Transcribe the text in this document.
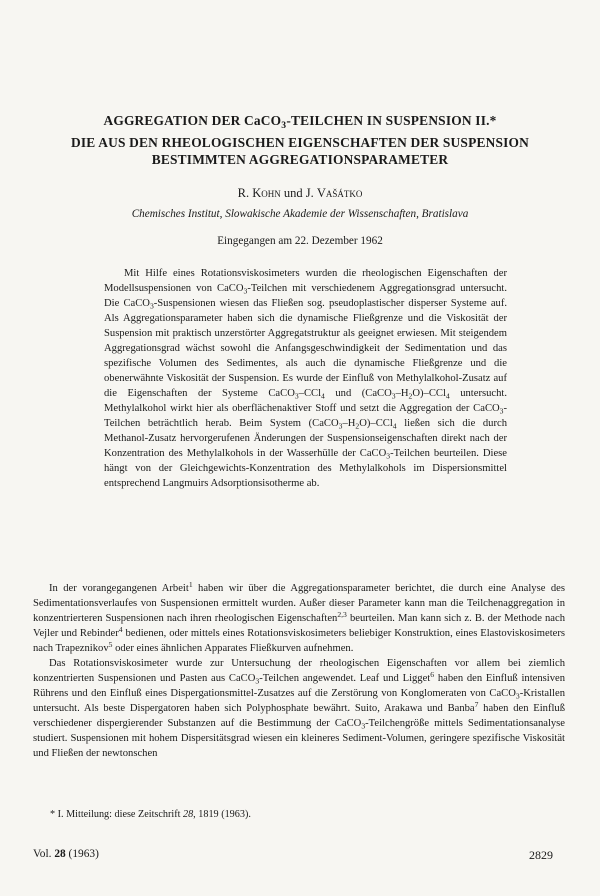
AGGREGATION DER CaCO$_3$-TEILCHEN IN SUSPENSION II.*
DIE AUS DEN RHEOLOGISCHEN EIGENSCHAFTEN DER SUSPENSION
BESTIMMTEN AGGREGATIONSPARAMETER
R. Kohn und J. Vašátko
Chemisches Institut, Slowakische Akademie der Wissenschaften, Bratislava
Eingegangen am 22. Dezember 1962

Mit Hilfe eines Rotationsviskosimeters wurden die rheologischen Eigenschaften der Modellsuspensionen von CaCO$_3$-Teilchen mit verschiedenem Aggregationsgrad untersucht. Die CaCO$_3$-Suspensionen wiesen das Fließen sog. pseudoplastischer disperser Systeme auf. Als Aggregationsparameter haben sich die dynamische Fließgrenze und die Viskosität der Suspension mit praktisch unzerstörter Aggregatstruktur als geeignet erwiesen. Mit steigendem Aggregationsgrad wächst sowohl die Anfangsgeschwindigkeit der Sedimentation und das spezifische Volumen des Sedimentes, als auch die dynamische Fließgrenze und die obenerwähnte Viskosität der Suspension. Es wurde der Einfluß von Methylalkohol-Zusatz auf die Eigenschaften der Systeme CaCO$_3$–CCl$_4$ und $(CaCO_3-H_2O)-CCl_4$ untersucht. Methylalkohol wirkt hier als oberflächenaktiver Stoff und setzt die Aggregation der CaCO$_3$-Teilchen beträchtlich herab. Beim System $(CaCO_3-H_2O)-CCl_4$ ließen sich die durch Methanol-Zusatz hervorgerufenen Änderungen der Suspensionseigenschaften direkt nach der Konzentration des Methylalkohols in der Wasserhülle der CaCO$_3$-Teilchen beurteilen. Diese hängt von der Gleichgewichts-Konzentration des Methylalkohols im Dispersionsmittel entsprechend Langmuirs Adsorptionsisotherme ab.

In der vorangegangenen Arbeit$^1$ haben wir über die Aggregationsparameter berichtet, die durch eine Analyse des Sedimentationsverlaufes von Suspensionen ermittelt wurden. Außer dieser Parameter kann man die Teilchenaggregation in konzentrierteren Suspensionen nach ihren rheologischen Eigenschaften$^{2,3}$ beurteilen. Man kann sich z. B. der Methode nach Vejler und Rebinder$^4$ bedienen, oder mittels eines Rotationsviskosimeters beliebiger Konstruktion, eines Elastoviskosimeters nach Trapeznikov$^5$ oder eines ähnlichen Apparates Fließkurven aufnehmen.

Das Rotationsviskosimeter wurde zur Untersuchung der rheologischen Eigenschaften vor allem bei ziemlich konzentrierten Suspensionen und Pasten aus CaCO$_3$-Teilchen angewendet. Leaf und Ligget$^6$ haben den Einfluß intensiven Rührens und den Einfluß eines Dispergationsmittel-Zusatzes auf die Zerstörung von Konglomeraten von CaCO$_3$-Kristallen untersucht. Als beste Dispergatoren haben sich Polyphosphate bewährt. Suito, Arakawa und Banba$^7$ haben den Einfluß verschiedener dispergierender Substanzen auf die Bestimmung der CaCO$_3$-Teilchengröße mittels Sedimentationsanalyse studiert. Suspensionen mit hohem Dispersitätsgrad wiesen ein kleineres Sediment-Volumen, geringere spezifische Viskosität und Fließen der newtonschen

* I. Mitteilung: diese Zeitschrift 28, 1819 (1963).
Vol. 28 (1963)	2829
